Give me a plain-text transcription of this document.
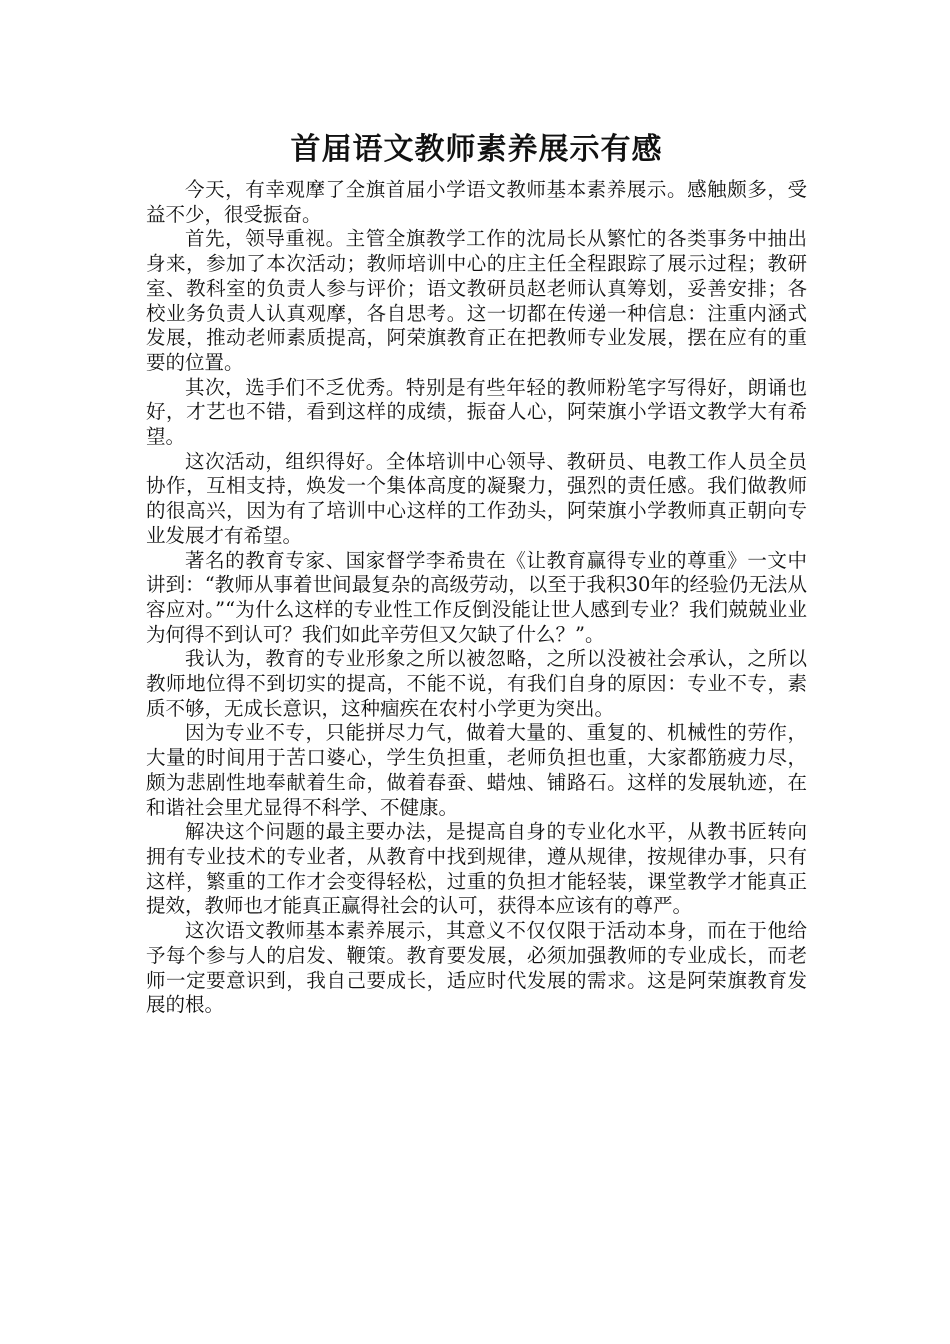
首届语文教师素养展示有感

今天，有幸观摩了全旗首届小学语文教师基本素养展示。感触颇多，受益不少，很受振奋。

首先，领导重视。主管全旗教学工作的沈局长从繁忙的各类事务中抽出身来，参加了本次活动；教师培训中心的庄主任全程跟踪了展示过程；教研室、教科室的负责人参与评价；语文教研员赵老师认真筹划，妥善安排；各校业务负责人认真观摩，各自思考。这一切都在传递一种信息：注重内涵式发展，推动老师素质提高，阿荣旗教育正在把教师专业发展，摆在应有的重要的位置。

其次，选手们不乏优秀。特别是有些年轻的教师粉笔字写得好，朗诵也好，才艺也不错，看到这样的成绩，振奋人心，阿荣旗小学语文教学大有希望。

这次活动，组织得好。全体培训中心领导、教研员、电教工作人员全员协作，互相支持，焕发一个集体高度的凝聚力，强烈的责任感。我们做教师的很高兴，因为有了培训中心这样的工作劲头，阿荣旗小学教师真正朝向专业发展才有希望。

著名的教育专家、国家督学李希贵在《让教育赢得专业的尊重》一文中讲到：“教师从事着世间最复杂的高级劳动，以至于我积30年的经验仍无法从容应对。”“为什么这样的专业性工作反倒没能让世人感到专业？我们兢兢业业为何得不到认可？我们如此辛劳但又欠缺了什么？”。

我认为，教育的专业形象之所以被忽略，之所以没被社会承认，之所以教师地位得不到切实的提高，不能不说，有我们自身的原因：专业不专，素质不够，无成长意识，这种痼疾在农村小学更为突出。

因为专业不专，只能拼尽力气，做着大量的、重复的、机械性的劳作，大量的时间用于苦口婆心，学生负担重，老师负担也重，大家都筋疲力尽，颇为悲剧性地奉献着生命，做着春蚕、蜡烛、铺路石。这样的发展轨迹，在和谐社会里尤显得不科学、不健康。

解决这个问题的最主要办法，是提高自身的专业化水平，从教书匠转向拥有专业技术的专业者，从教育中找到规律，遵从规律，按规律办事，只有这样，繁重的工作才会变得轻松，过重的负担才能轻装，课堂教学才能真正提效，教师也才能真正赢得社会的认可，获得本应该有的尊严。

这次语文教师基本素养展示，其意义不仅仅限于活动本身，而在于他给予每个参与人的启发、鞭策。教育要发展，必须加强教师的专业成长，而老师一定要意识到，我自己要成长，适应时代发展的需求。这是阿荣旗教育发展的根。
